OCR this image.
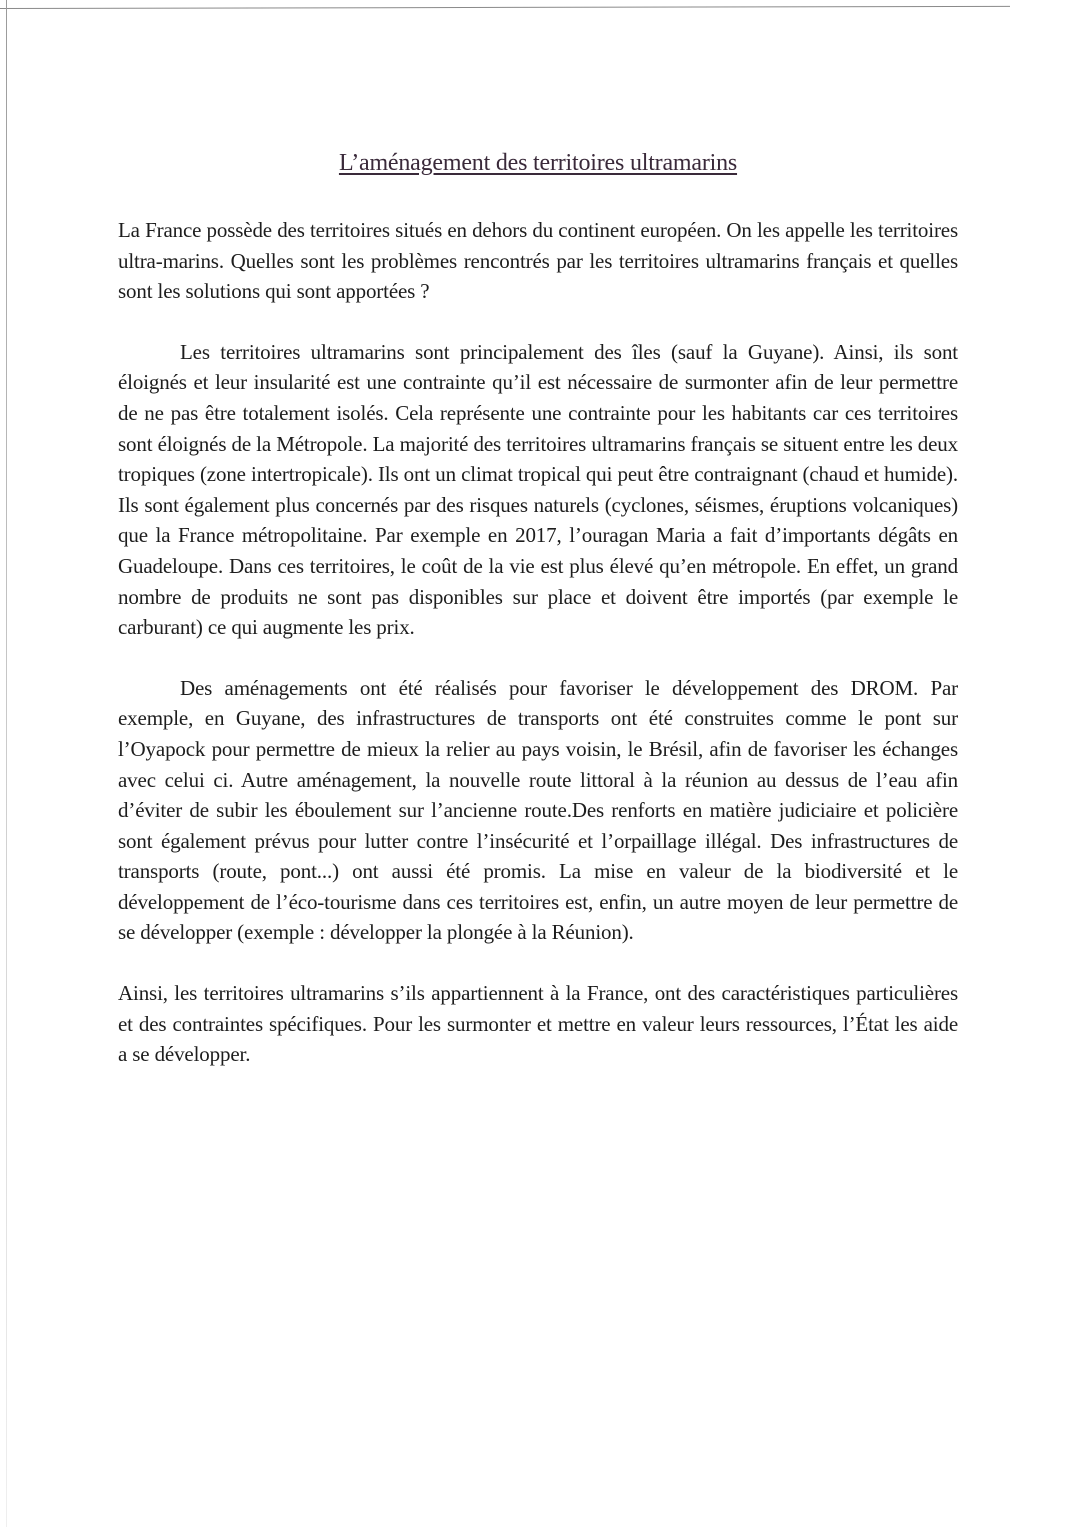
L’aménagement des territoires ultramarins

La France possède des territoires situés en dehors du continent européen. On les appelle les territoires ultra-marins. Quelles sont les problèmes rencontrés par les territoires ultramarins français et quelles sont les solutions qui sont apportées ?

Les territoires ultramarins sont principalement des îles (sauf la Guyane). Ainsi, ils sont éloignés et leur insularité est une contrainte qu’il est nécessaire de surmonter afin de leur permettre de ne pas être totalement isolés. Cela représente une contrainte pour les habitants car ces territoires sont éloignés de la Métropole. La majorité des territoires ultramarins français se situent entre les deux tropiques (zone intertropicale). Ils ont un climat tropical qui peut être contraignant (chaud et humide). Ils sont également plus concernés par des risques naturels (cyclones, séismes, éruptions volcaniques) que la France métropolitaine. Par exemple en 2017, l’ouragan Maria a fait d’importants dégâts en Guadeloupe. Dans ces territoires, le coût de la vie est plus élevé qu’en métropole. En effet, un grand nombre de produits ne sont pas disponibles sur place et doivent être importés (par exemple le carburant) ce qui augmente les prix.

Des aménagements ont été réalisés pour favoriser le développement des DROM. Par exemple, en Guyane, des infrastructures de transports ont été construites comme le pont sur l’Oyapock pour permettre de mieux la relier au pays voisin, le Brésil, afin de favoriser les échanges avec celui ci. Autre aménagement, la nouvelle route littoral à la réunion au dessus de l’eau afin d’éviter de subir les éboulement sur l’ancienne route.Des renforts en matière judiciaire et policière sont également prévus pour lutter contre l’insécurité et l’orpaillage illégal. Des infrastructures de transports (route, pont...) ont aussi été promis. La mise en valeur de la biodiversité et le développement de l’éco-tourisme dans ces territoires est, enfin, un autre moyen de leur permettre de se développer (exemple : développer la plongée à la Réunion).

Ainsi, les territoires ultramarins s’ils appartiennent à la France, ont des caractéristiques particulières et des contraintes spécifiques. Pour les surmonter et mettre en valeur leurs ressources, l’État les aide a se développer.
